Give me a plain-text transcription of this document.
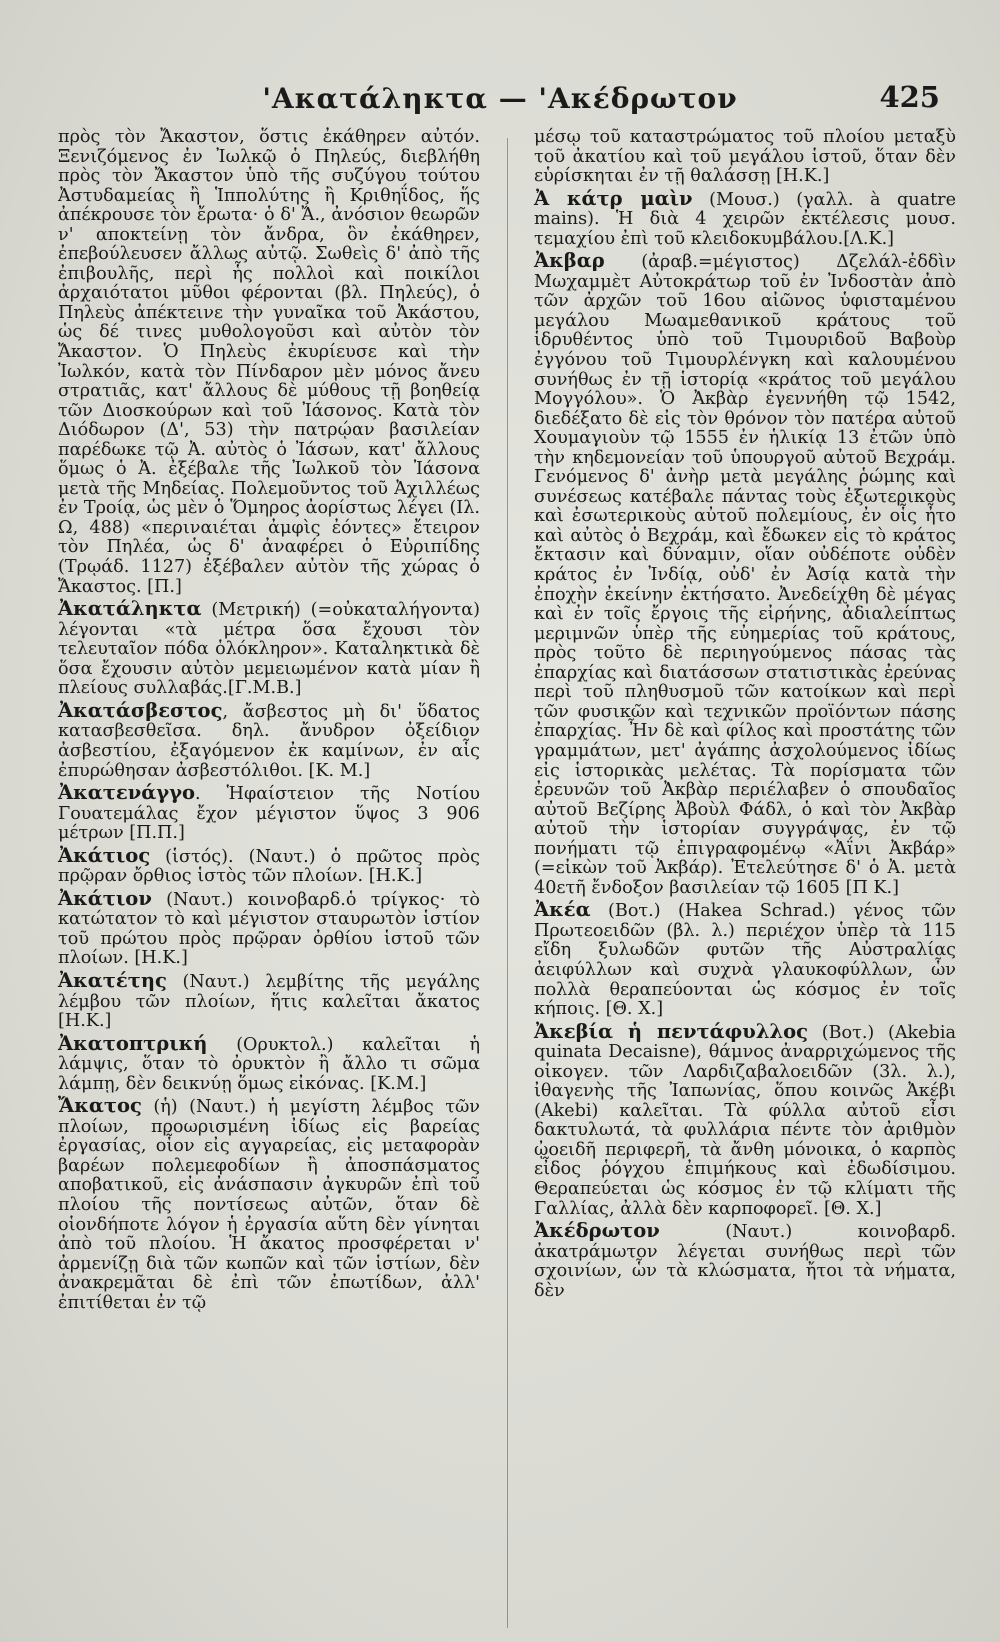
'Ακατάληκτα — 'Ακέδρωτον	425

πρὸς τὸν Ἄκαστον, ὅστις ἐκάθηρεν αὐτόν. Ξενιζόμενος ἐν Ἰωλκῷ ὁ Πηλεύς, διεβλήθη πρὸς τὸν Ἄκαστον ὑπὸ τῆς συζύγου τούτου Ἀστυδαμείας ἢ Ἱππολύτης ἢ Κριθηΐδος, ἥς ἀπέκρουσε τὸν ἔρωτα· ὁ δ' Ἄ., ἀνόσιον θεωρῶν ν' αποκτείνῃ τὸν ἄνδρα, ὃν ἐκάθηρεν, ἐπεβούλευσεν ἄλλως αὐτῷ. Σωθεὶς δ' ἀπὸ τῆς ἐπιβουλῆς, περὶ ἧς πολλοὶ καὶ ποικίλοι ἀρχαιότατοι μῦθοι φέρονται (βλ. Πηλεύς), ὁ Πηλεὺς ἀπέκτεινε τὴν γυναῖκα τοῦ Ἀκάστου, ὡς δέ τινες μυθολογοῦσι καὶ αὐτὸν τὸν Ἄκαστον. Ὁ Πηλεὺς ἐκυρίευσε καὶ τὴν Ἰωλκόν, κατὰ τὸν Πίνδαρον μὲν μόνος ἄνευ στρατιᾶς, κατ' ἄλλους δὲ μύθους τῇ βοηθείᾳ τῶν Διοσκούρων καὶ τοῦ Ἰάσονος. Κατὰ τὸν Διόδωρον (Δ', 53) τὴν πατρῴαν βασιλείαν παρέδωκε τῷ Ἀ. αὐτὸς ὁ Ἰάσων, κατ' ἄλλους ὅμως ὁ Ἀ. ἐξέβαλε τῆς Ἰωλκοῦ τὸν Ἰάσονα μετὰ τῆς Μηδείας. Πολεμοῦντος τοῦ Ἀχιλλέως ἐν Τροίᾳ, ὡς μὲν ὁ Ὅμηρος ἀορίστως λέγει (Ιλ. Ω, 488) «περιναιέται ἀμφὶς ἐόντες» ἔτειρον τὸν Πηλέα, ὡς δ' ἀναφέρει ὁ Εὐριπίδης (Τρῳάδ. 1127) ἐξέβαλεν αὐτὸν τῆς χώρας ὁ Ἄκαστος. [Π.]

Ἀκατάληκτα (Μετρική) (=οὐκαταλήγοντα) λέγονται «τὰ μέτρα ὅσα ἔχουσι τὸν τελευταῖον πόδα ὁλόκληρον». Καταληκτικὰ δὲ ὅσα ἔχουσιν αὐτὸν μεμειωμένον κατὰ μίαν ἢ πλείους συλλαβάς.[Γ.Μ.Β.]

Ἀκατάσβεστος, ἄσβεστος μὴ δι' ὕδατος κατασβεσθεῖσα. δηλ. ἄνυδρον ὀξείδιον ἀσβεστίου, ἐξαγόμενον ἐκ καμίνων, ἐν αἷς ἐπυρώθησαν ἀσβεστόλιθοι. [Κ. Μ.]

Ἀκατενάγγο. Ἡφαίστειον τῆς Νοτίου Γουατεμάλας ἔχον μέγιστον ὕψος 3 906 μέτρων [Π.Π.]

Ἀκάτιος (ἱστός). (Ναυτ.) ὁ πρῶτος πρὸς πρῷραν ὄρθιος ἱστὸς τῶν πλοίων. [Η.Κ.]

Ἀκάτιον (Ναυτ.) κοινοβαρδ.ὁ τρίγκος· τὸ κατώτατον τὸ καὶ μέγιστον σταυρωτὸν ἱστίον τοῦ πρώτου πρὸς πρῷραν ὀρθίου ἱστοῦ τῶν πλοίων. [Η.Κ.]

Ἀκατέτης (Ναυτ.) λεμβίτης τῆς μεγάλης λέμβου τῶν πλοίων, ἥτις καλεῖται ἄκατος [Η.Κ.]

Ἀκατοπτρική (Ορυκτολ.) καλεῖται ἡ λάμψις, ὅταν τὸ ὀρυκτὸν ἢ ἄλλο τι σῶμα λάμπῃ, δὲν δεικνύῃ ὅμως εἰκόνας. [Κ.Μ.]

Ἄκατος (ἡ) (Ναυτ.) ἡ μεγίστη λέμβος τῶν πλοίων, προωρισμένη ἰδίως εἰς βαρείας ἐργασίας, οἷον εἰς αγγαρείας, εἰς μεταφορὰν βαρέων πολεμεφοδίων ἢ ἀποσπάσματος αποβατικοῦ, εἰς ἀνάσπασιν ἀγκυρῶν ἐπὶ τοῦ πλοίου τῆς ποντίσεως αὐτῶν, ὅταν δὲ οἱονδήποτε λόγον ἡ ἐργασία αὕτη δὲν γίνηται ἀπὸ τοῦ πλοίου. Ἡ ἄκατος προσφέρεται ν' ἀρμενίζῃ διὰ τῶν κωπῶν καὶ τῶν ἱστίων, δὲν ἀνακρεμᾶται δὲ ἐπὶ τῶν ἐπωτίδων, ἀλλ' ἐπιτίθεται ἐν τῷ

μέσῳ τοῦ καταστρώματος τοῦ πλοίου μεταξὺ τοῦ ἀκατίου καὶ τοῦ μεγάλου ἱστοῦ, ὅταν δὲν εὑρίσκηται ἐν τῇ θαλάσσῃ [Η.Κ.]

Ἀ κάτρ μαὶν (Μουσ.) (γαλλ. à quatre mains). Ἡ διὰ 4 χειρῶν ἐκτέλεσις μουσ. τεμαχίου ἐπὶ τοῦ κλειδοκυμβάλου.[Λ.Κ.]

Ἀκβαρ (ἀραβ.=μέγιστος) Δζελάλ-ἐδδὶν Μωχαμμὲτ Αὐτοκράτωρ τοῦ ἐν Ἰνδοστὰν ἀπὸ τῶν ἀρχῶν τοῦ 16ου αἰῶνος ὑφισταμένου μεγάλου Μωαμεθανικοῦ κράτους τοῦ ἱδρυθέντος ὑπὸ τοῦ Τιμουριδοῦ Βαβοὺρ ἐγγόνου τοῦ Τιμουρλένγκη καὶ καλουμένου συνήθως ἐν τῇ ἱστορίᾳ «κράτος τοῦ μεγάλου Μογγόλου». Ὁ Ἀκβὰρ ἐγεννήθη τῷ 1542, διεδέξατο δὲ εἰς τὸν θρόνον τὸν πατέρα αὐτοῦ Χουμαγιοὺν τῷ 1555 ἐν ἡλικίᾳ 13 ἐτῶν ὑπὸ τὴν κηδεμονείαν τοῦ ὑπουργοῦ αὐτοῦ Βεχράμ. Γενόμενος δ' ἀνὴρ μετὰ μεγάλης ῥώμης καὶ συνέσεως κατέβαλε πάντας τοὺς ἐξωτερικοὺς καὶ ἐσωτερικοὺς αὐτοῦ πολεμίους, ἐν οἷς ἦτο καὶ αὐτὸς ὁ Βεχράμ, καὶ ἔδωκεν εἰς τὸ κράτος ἔκτασιν καὶ δύναμιν, οἵαν οὐδέποτε οὐδὲν κράτος ἐν Ἰνδίᾳ, οὐδ' ἐν Ἀσίᾳ κατὰ τὴν ἐποχὴν ἐκείνην ἐκτήσατο. Ἀνεδείχθη δὲ μέγας καὶ ἐν τοῖς ἔργοις τῆς εἰρήνης, ἀδιαλείπτως μεριμνῶν ὑπὲρ τῆς εὐημερίας τοῦ κράτους, πρὸς τοῦτο δὲ περιηγούμενος πάσας τὰς ἐπαρχίας καὶ διατάσσων στατιστικὰς ἐρεύνας περὶ τοῦ πληθυσμοῦ τῶν κατοίκων καὶ περὶ τῶν φυσικῶν καὶ τεχνικῶν προϊόντων πάσης ἐπαρχίας. Ἦν δὲ καὶ φίλος καὶ προστάτης τῶν γραμμάτων, μετ' ἀγάπης ἀσχολούμενος ἰδίως εἰς ἱστορικὰς μελέτας. Τὰ πορίσματα τῶν ἐρευνῶν τοῦ Ἀκβὰρ περιέλαβεν ὁ σπουδαῖος αὐτοῦ Βεζίρης Ἀβοὺλ Φάδλ, ὁ καὶ τὸν Ἀκβὰρ αὐτοῦ τὴν ἱστορίαν συγγράψας, ἐν τῷ πονήματι τῷ ἐπιγραφομένῳ «Ἀΐνι Ἀκβάρ» (=εἰκὼν τοῦ Ἀκβάρ). Ἐτελεύτησε δ' ὁ Ἀ. μετὰ 40ετῆ ἔνδοξον βασιλείαν τῷ 1605 [Π Κ.]

Ἀκέα (Βοτ.) (Hakea Schrad.) γένος τῶν Πρωτεοειδῶν (βλ. λ.) περιέχον ὑπὲρ τὰ 115 εἴδη ξυλωδῶν φυτῶν τῆς Αὐστραλίας ἀειφύλλων καὶ συχνὰ γλαυκοφύλλων, ὧν πολλὰ θεραπεύονται ὡς κόσμος ἐν τοῖς κήποις. [Θ. Χ.]

Ἀκεβία ἡ πεντάφυλλος (Βοτ.) (Akebia quinata Decaisne), θάμνος ἀναρριχώμενος τῆς οἰκογεν. τῶν Λαρδιζαβαλοειδῶν (3λ. λ.), ἰθαγενὴς τῆς Ἰαπωνίας, ὅπου κοινῶς Ἀκέβι (Akebi) καλεῖται. Τὰ φύλλα αὐτοῦ εἶσι δακτυλωτά, τὰ φυλλάρια πέντε τὸν ἀριθμὸν ᾠοειδῆ περιφερῆ, τὰ ἄνθη μόνοικα, ὁ καρπὸς εἶδος ῥόγχου ἐπιμήκους καὶ ἐδωδίσιμου. Θεραπεύεται ὡς κόσμος ἐν τῷ κλίματι τῆς Γαλλίας, ἀλλὰ δὲν καρποφορεῖ. [Θ. Χ.]

Ἀκέδρωτον (Ναυτ.) κοινοβαρδ. ἀκατράμωτον λέγεται συνήθως περὶ τῶν σχοινίων, ὧν τὰ κλώσματα, ἤτοι τὰ νήματα, δὲν
